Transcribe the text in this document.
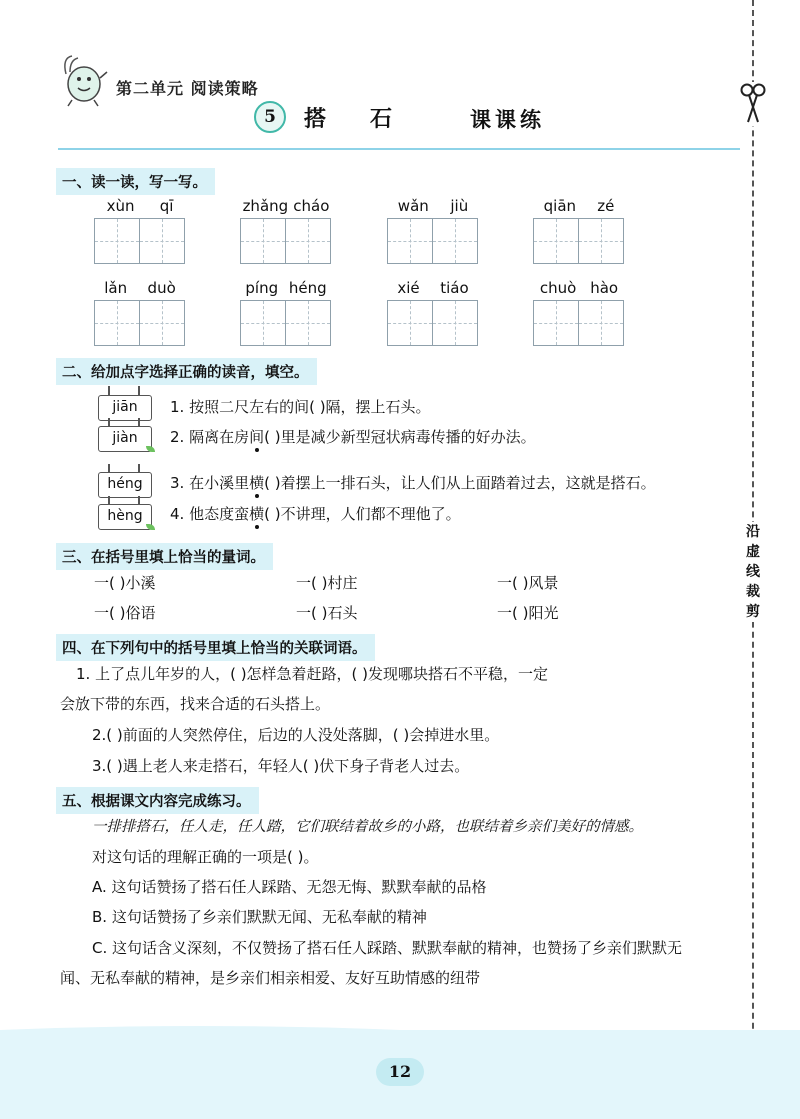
第二单元 阅读策略
5	搭石 课课练
沿虚线裁剪
一、读一读，写一写。
xùn qī	zhǎng cháo	wǎn jiù	qiān zé
lǎn duò	píng héng	xié tiáo	chuò hào
二、给加点字选择正确的读音，填空。
jiān
jiàn
1. 按照二尺左右的间( )隔，摆上石头。
2. 隔离在房间( )里是减少新型冠状病毒传播的好办法。
héng
hèng
3. 在小溪里横( )着摆上一排石头，让人们从上面踏着过去，这就是搭石。
4. 他态度蛮横( )不讲理，人们都不理他了。
三、在括号里填上恰当的量词。
一( )小溪	一( )村庄	一( )风景
一( )俗语	一( )石头	一( )阳光
四、在下列句中的括号里填上恰当的关联词语。
1. 上了点儿年岁的人，( )怎样急着赶路，( )发现哪块搭石不平稳，一定
会放下带的东西，找来合适的石头搭上。
2.( )前面的人突然停住，后边的人没处落脚，( )会掉进水里。
3.( )遇上老人来走搭石，年轻人( )伏下身子背老人过去。
五、根据课文内容完成练习。
一排排搭石，任人走，任人踏，它们联结着故乡的小路，也联结着乡亲们美好的情感。
对这句话的理解正确的一项是( )。
A. 这句话赞扬了搭石任人踩踏、无怨无悔、默默奉献的品格
B. 这句话赞扬了乡亲们默默无闻、无私奉献的精神
C. 这句话含义深刻，不仅赞扬了搭石任人踩踏、默默奉献的精神，也赞扬了乡亲们默默无
闻、无私奉献的精神，是乡亲们相亲相爱、友好互助情感的纽带
12
